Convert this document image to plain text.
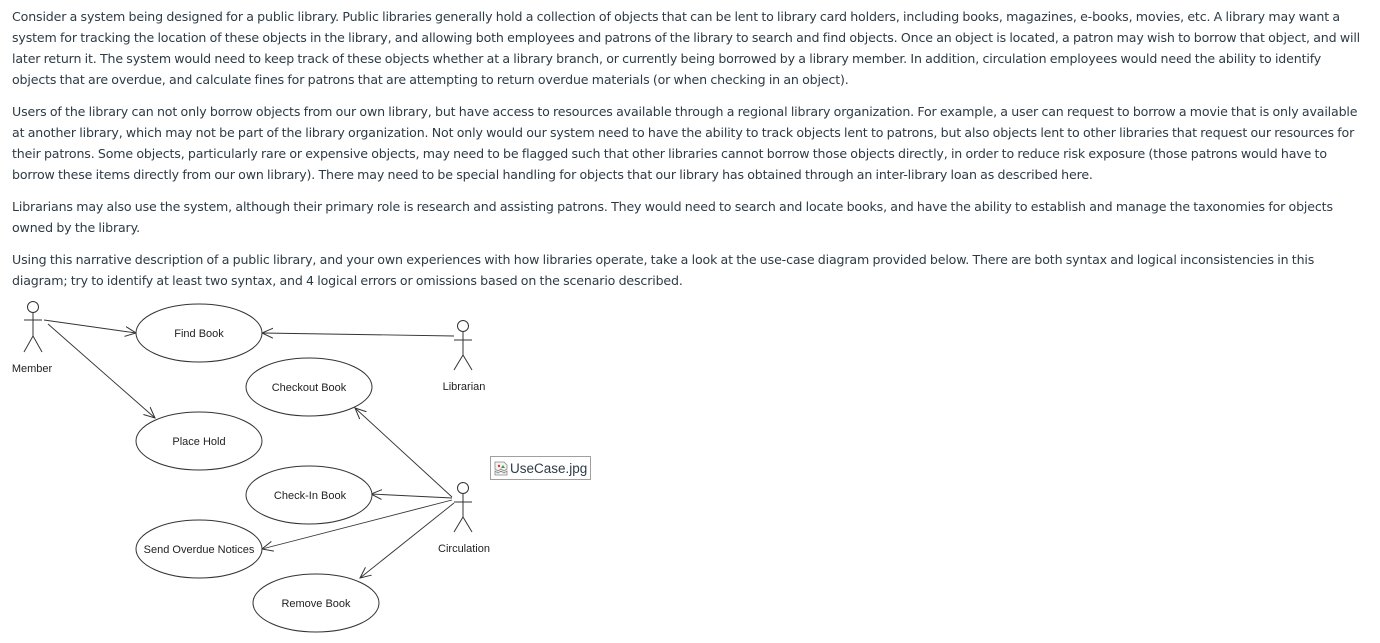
Consider a system being designed for a public library. Public libraries generally hold a collection of objects that can be lent to library card holders, including books, magazines, e-books, movies, etc. A library may want a system for tracking the location of these objects in the library, and allowing both employees and patrons of the library to search and find objects. Once an object is located, a patron may wish to borrow that object, and will later return it. The system would need to keep track of these objects whether at a library branch, or currently being borrowed by a library member. In addition, circulation employees would need the ability to identify objects that are overdue, and calculate fines for patrons that are attempting to return overdue materials (or when checking in an object).

Users of the library can not only borrow objects from our own library, but have access to resources available through a regional library organization. For example, a user can request to borrow a movie that is only available at another library, which may not be part of the library organization. Not only would our system need to have the ability to track objects lent to patrons, but also objects lent to other libraries that request our resources for their patrons. Some objects, particularly rare or expensive objects, may need to be flagged such that other libraries cannot borrow those objects directly, in order to reduce risk exposure (those patrons would have to borrow these items directly from our own library). There may need to be special handling for objects that our library has obtained through an inter-library loan as described here.

Librarians may also use the system, although their primary role is research and assisting patrons. They would need to search and locate books, and have the ability to establish and manage the taxonomies for objects owned by the library.

Using this narrative description of a public library, and your own experiences with how libraries operate, take a look at the use-case diagram provided below. There are both syntax and logical inconsistencies in this diagram; try to identify at least two syntax, and 4 logical errors or omissions based on the scenario described.

Member
Librarian
Circulation
Find Book
Checkout Book
Place Hold
Check-In Book
Send Overdue Notices
Remove Book
UseCase.jpg
